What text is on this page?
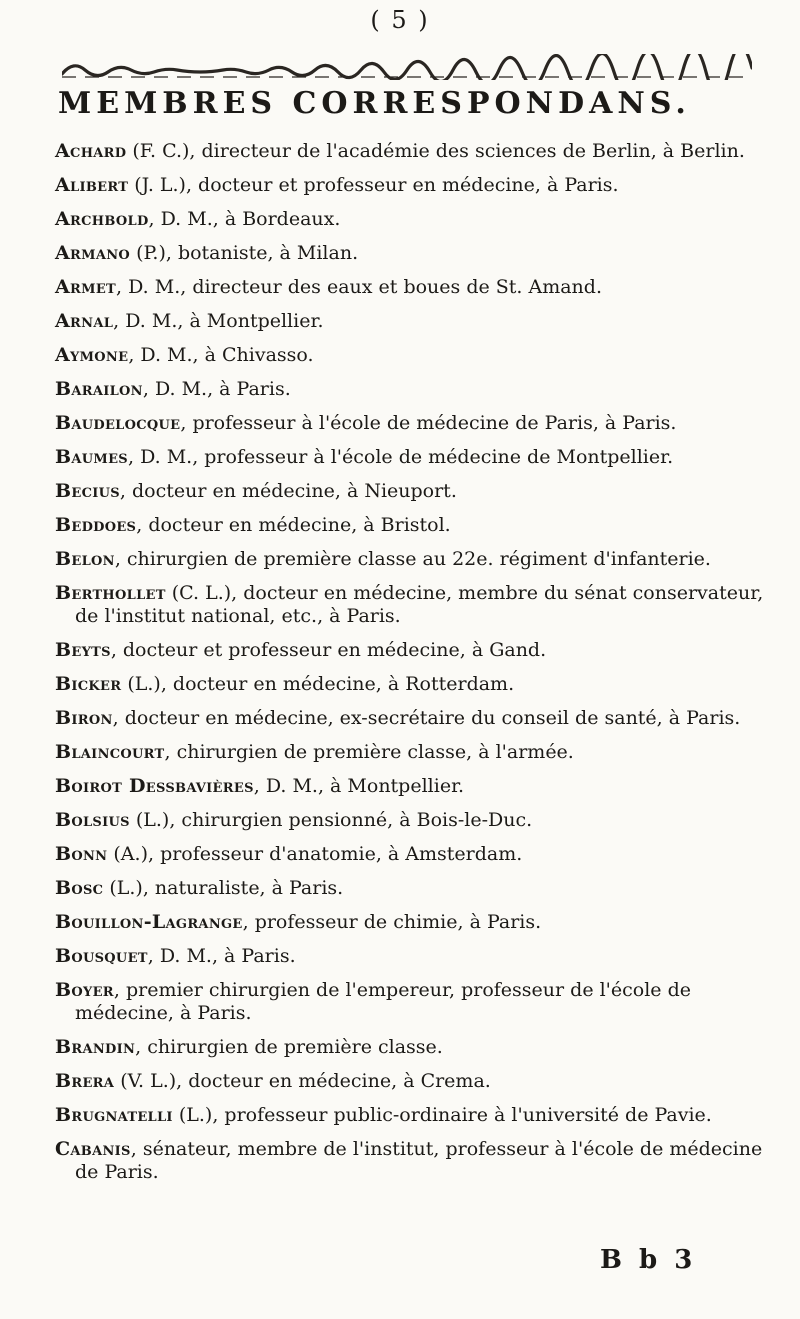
( 5 )
MEMBRES CORRESPONDANS.

Achard (F. C.), directeur de l'académie des sciences de Berlin, à Berlin.

Alibert (J. L.), docteur et professeur en médecine, à Paris.

Archbold, D. M., à Bordeaux.

Armano (P.), botaniste, à Milan.

Armet, D. M., directeur des eaux et boues de St. Amand.

Arnal, D. M., à Montpellier.

Aymone, D. M., à Chivasso.

Barailon, D. M., à Paris.

Baudelocque, professeur à l'école de médecine de Paris, à Paris.

Baumes, D. M., professeur à l'école de médecine de Montpellier.

Becius, docteur en médecine, à Nieuport.

Beddoes, docteur en médecine, à Bristol.

Belon, chirurgien de première classe au 22e. régiment d'infanterie.

Berthollet (C. L.), docteur en médecine, membre du sénat conservateur, de l'institut national, etc., à Paris.

Beyts, docteur et professeur en médecine, à Gand.

Bicker (L.), docteur en médecine, à Rotterdam.

Biron, docteur en médecine, ex-secrétaire du conseil de santé, à Paris.

Blaincourt, chirurgien de première classe, à l'armée.

Boirot Dessbavières, D. M., à Montpellier.

Bolsius (L.), chirurgien pensionné, à Bois-le-Duc.

Bonn (A.), professeur d'anatomie, à Amsterdam.

Bosc (L.), naturaliste, à Paris.

Bouillon-Lagrange, professeur de chimie, à Paris.

Bousquet, D. M., à Paris.

Boyer, premier chirurgien de l'empereur, professeur de l'école de médecine, à Paris.

Brandin, chirurgien de première classe.

Brera (V. L.), docteur en médecine, à Crema.

Brugnatelli (L.), professeur public-ordinaire à l'université de Pavie.

Cabanis, sénateur, membre de l'institut, professeur à l'école de médecine de Paris.

B b 3
